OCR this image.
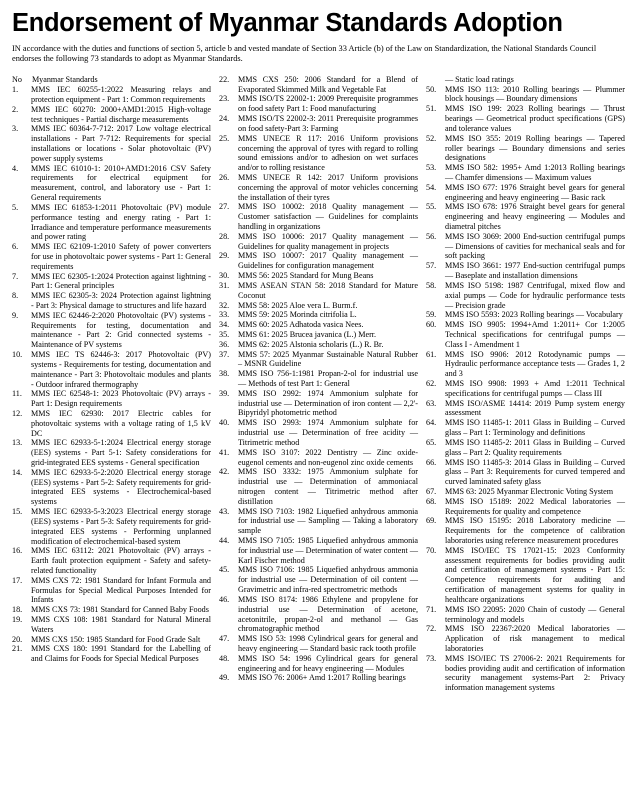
Endorsement of Myanmar Standards Adoption

IN accordance with the duties and functions of section 5, article b and vested mandate of Section 33 Article (b) of the Law on Standardization, the National Standards Council endorses the following 73 standards to adopt as Myanmar Standards.

No Myanmar Standards
1.	MMS IEC 60255-1:2022 Measuring relays and protection equipment - Part 1: Common requirements
2.	MMS IEC 60270: 2000+AMD1:2015 High-voltage test techniques - Partial discharge measurements
3.	MMS IEC 60364-7-712: 2017 Low voltage electrical installations - Part 7-712: Requirements for special installations or locations - Solar photovoltaic (PV) power supply systems
4.	MMS IEC 61010-1: 2010+AMD1:2016 CSV Safety requirements for electrical equipment for measurement, control, and laboratory use - Part 1: General requirements
5.	MMS IEC 61853-1:2011 Photovoltaic (PV) module performance testing and energy rating - Part 1: Irradiance and temperature performance measurements and power rating
6.	MMS IEC 62109-1:2010 Safety of power converters for use in photovoltaic power systems - Part 1: General requirements
7.	MMS IEC 62305-1:2024 Protection against lightning - Part 1: General principles
8.	MMS IEC 62305-3: 2024 Protection against lightning - Part 3: Physical damage to structures and life hazard
9.	MMS IEC 62446-2:2020 Photovoltaic (PV) systems - Requirements for testing, documentation and maintenance - Part 2: Grid connected systems - Maintenance of PV systems
10.	MMS IEC TS 62446-3: 2017 Photovoltaic (PV) systems - Requirements for testing, documentation and maintenance - Part 3: Photovoltaic modules and plants - Outdoor infrared thermography
11.	MMS IEC 62548-1: 2023 Photovoltaic (PV) arrays - Part 1: Design requirements
12.	MMS IEC 62930: 2017 Electric cables for photovoltaic systems with a voltage rating of 1,5 kV DC
13.	MMS IEC 62933-5-1:2024 Electrical energy storage (EES) systems - Part 5-1: Safety considerations for grid-integrated EES systems - General specification
14.	MMS IEC 62933-5-2:2020 Electrical energy storage (EES) systems - Part 5-2: Safety requirements for grid-integrated EES systems - Electrochemical-based systems
15.	MMS IEC 62933-5-3:2023 Electrical energy storage (EES) systems - Part 5-3: Safety requirements for grid-integrated EES systems - Performing unplanned modification of electrochemical-based system
16.	MMS IEC 63112: 2021 Photovoltaic (PV) arrays - Earth fault protection equipment - Safety and safety-related functionality
17.	MMS CXS 72: 1981 Standard for Infant Formula and Formulas for Special Medical Purposes Intended for Infants
18.	MMS CXS 73: 1981 Standard for Canned Baby Foods
19.	MMS CXS 108: 1981 Standard for Natural Mineral Waters
20.	MMS CXS 150: 1985 Standard for Food Grade Salt
21.	MMS CXS 180: 1991 Standard for the Labelling of and Claims for Foods for Special Medical Purposes
22.	MMS CXS 250: 2006 Standard for a Blend of Evaporated Skimmed Milk and Vegetable Fat
23.	MMS ISO/TS 22002-1: 2009 Prerequisite programmes on food safety Part 1: Food manufacturing
24.	MMS ISO/TS 22002-3: 2011 Prerequisite programmes on food safety-Part 3: Farming
25.	MMS UNECE R 117: 2016 Uniform provisions concerning the approval of tyres with regard to rolling sound emissions and/or to adhesion on wet surfaces and/or to rolling resistance
26.	MMS UNECE R 142: 2017 Uniform provisions concerning the approval of motor vehicles concerning the installation of their tyres
27.	MMS ISO 10002: 2018 Quality management — Customer satisfaction — Guidelines for complaints handling in organizations
28.	MMS ISO 10006: 2017 Quality management — Guidelines for quality management in projects
29.	MMS ISO 10007: 2017 Quality management — Guidelines for configuration management
30.	MMS 56: 2025 Standard for Mung Beans
31.	MMS ASEAN STAN 58: 2018 Standard for Mature Coconut
32.	MMS 58: 2025 Aloe vera L. Burm.f.
33.	MMS 59: 2025 Morinda citrifolia L.
34.	MMS 60: 2025 Adhatoda vasica Nees.
35.	MMS 61: 2025 Brucea javanica (L.) Merr.
36.	MMS 62: 2025 Alstonia scholaris (L.) R. Br.
37.	MMS 57: 2025 Myanmar Sustainable Natural Rubber – MSNR Guideline
38.	MMS ISO 756-1:1981 Propan-2-ol for industrial use — Methods of test Part 1: General
39.	MMS ISO 2992: 1974 Ammonium sulphate for industrial use — Determination of iron content — 2,2'- Bipyridyl photometric method
40.	MMS ISO 2993: 1974 Ammonium sulphate for industrial use — Determination of free acidity — Titrimetric method
41.	MMS ISO 3107: 2022 Dentistry — Zinc oxide-eugenol cements and non-eugenol zinc oxide cements
42.	MMS ISO 3332: 1975 Ammonium sulphate for industrial use — Determination of ammoniacal nitrogen content — Titrimetric method after distillation
43.	MMS ISO 7103: 1982 Liquefied anhydrous ammonia for industrial use — Sampling — Taking a laboratory sample
44.	MMS ISO 7105: 1985 Liquefied anhydrous ammonia for industrial use — Determination of water content — Karl Fischer method
45.	MMS ISO 7106: 1985 Liquefied anhydrous ammonia for industrial use — Determination of oil content — Gravimetric and infra-red spectrometric methods
46.	MMS ISO 8174: 1986 Ethylene and propylene for industrial use — Determination of acetone, acetonitrile, propan-2-ol and methanol — Gas chromatographic method
47.	MMS ISO 53: 1998 Cylindrical gears for general and heavy engineering — Standard basic rack tooth profile
48.	MMS ISO 54: 1996 Cylindrical gears for general engineering and for heavy engineering — Modules
49.	MMS ISO 76: 2006+ Amd 1:2017 Rolling bearings
— Static load ratings
50.	MMS ISO 113: 2010 Rolling bearings — Plummer block housings — Boundary dimensions
51.	MMS ISO 199: 2023 Rolling bearings — Thrust bearings — Geometrical product specifications (GPS) and tolerance values
52.	MMS ISO 355: 2019 Rolling bearings — Tapered roller bearings — Boundary dimensions and series designations
53.	MMS ISO 582: 1995+ Amd 1:2013 Rolling bearings — Chamfer dimensions — Maximum values
54.	MMS ISO 677: 1976 Straight bevel gears for general engineering and heavy engineering — Basic rack
55.	MMS ISO 678: 1976 Straight bevel gears for general engineering and heavy engineering — Modules and diametral pitches
56.	MMS ISO 3069: 2000 End-suction centrifugal pumps — Dimensions of cavities for mechanical seals and for soft packing
57.	MMS ISO 3661: 1977 End-suction centrifugal pumps — Baseplate and installation dimensions
58.	MMS ISO 5198: 1987 Centrifugal, mixed flow and axial pumps — Code for hydraulic performance tests — Precision grade
59.	MMS ISO 5593: 2023 Rolling bearings — Vocabulary
60.	MMS ISO 9905: 1994+Amd 1:2011+ Cor 1:2005 Technical specifications for centrifugal pumps — Class I - Amendment 1
61.	MMS ISO 9906: 2012 Rotodynamic pumps — Hydraulic performance acceptance tests — Grades 1, 2 and 3
62.	MMS ISO 9908: 1993 + Amd 1:2011 Technical specifications for centrifugal pumps — Class III
63.	MMS ISO/ASME 14414: 2019 Pump system energy assessment
64.	MMS ISO 11485-1: 2011 Glass in Building – Curved glass – Part 1: Terminology and definitions
65.	MMS ISO 11485-2: 2011 Glass in Building – Curved glass – Part 2: Quality requirements
66.	MMS ISO 11485-3: 2014 Glass in Building – Curved glass – Part 3: Requirements for curved tempered and curved laminated safety glass
67.	MMS 63: 2025 Myanmar Electronic Voting System
68.	MMS ISO 15189: 2022 Medical laboratories — Requirements for quality and competence
69.	MMS ISO 15195: 2018 Laboratory medicine — Requirements for the competence of calibration laboratories using reference measurement procedures
70.	MMS ISO/IEC TS 17021-15: 2023 Conformity assessment requirements for bodies providing audit and certification of management systems - Part 15: Competence requirements for auditing and certification of management systems for quality in healthcare organizations
71.	MMS ISO 22095: 2020 Chain of custody — General terminology and models
72.	MMS ISO 22367:2020 Medical laboratories — Application of risk management to medical laboratories
73.	MMS ISO/IEC TS 27006-2: 2021 Requirements for bodies providing audit and certification of information security management systems-Part 2: Privacy information management systems
